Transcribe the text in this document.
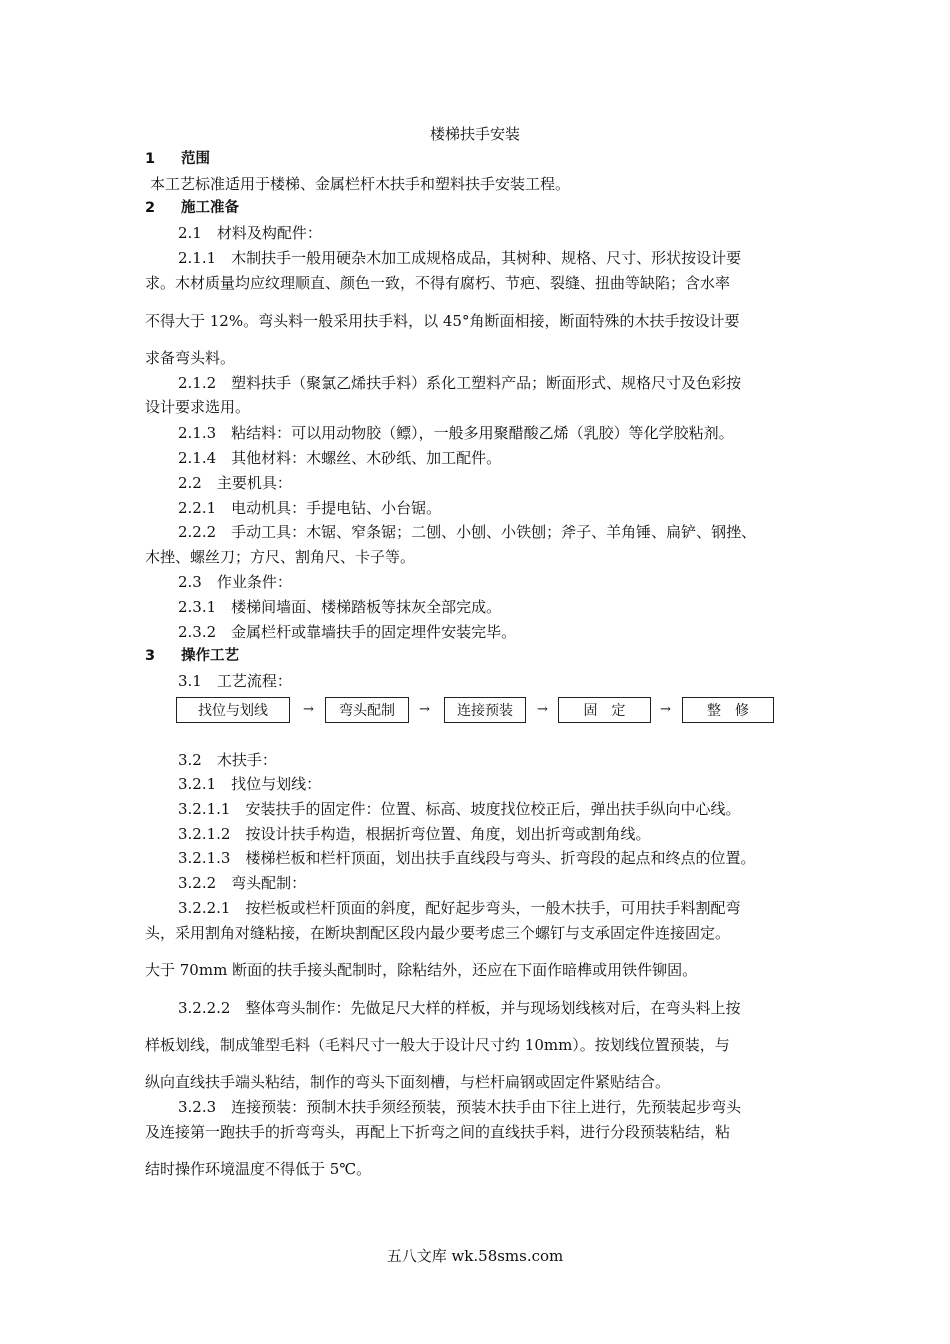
楼梯扶手安装
1 范围
本工艺标准适用于楼梯、金属栏杆木扶手和塑料扶手安装工程。
2 施工准备
2.1　材料及构配件：
2.1.1　木制扶手一般用硬杂木加工成规格成品，其树种、规格、尺寸、形状按设计要
求。木材质量均应纹理顺直、颜色一致，不得有腐朽、节疤、裂缝、扭曲等缺陷；含水率
不得大于 12%。弯头料一般采用扶手料，以 45°角断面相接，断面特殊的木扶手按设计要
求备弯头料。
2.1.2　塑料扶手（聚氯乙烯扶手料）系化工塑料产品；断面形式、规格尺寸及色彩按
设计要求选用。
2.1.3　粘结料：可以用动物胶（鳔），一般多用聚醋酸乙烯（乳胶）等化学胶粘剂。
2.1.4　其他材料：木螺丝、木砂纸、加工配件。
2.2　主要机具：
2.2.1　电动机具：手提电钻、小台锯。
2.2.2　手动工具：木锯、窄条锯；二刨、小刨、小铁刨；斧子、羊角锤、扁铲、钢挫、
木挫、螺丝刀；方尺、割角尺、卡子等。
2.3　作业条件：
2.3.1　楼梯间墙面、楼梯踏板等抹灰全部完成。
2.3.2　金属栏杆或靠墙扶手的固定埋件安装完毕。
3 操作工艺
3.1　工艺流程：
找位与划线	→	弯头配制	→	连接预装	→	固　定	→	整　修
3.2　木扶手：
3.2.1　找位与划线：
3.2.1.1　安装扶手的固定件：位置、标高、坡度找位校正后，弹出扶手纵向中心线。
3.2.1.2　按设计扶手构造，根据折弯位置、角度，划出折弯或割角线。
3.2.1.3　楼梯栏板和栏杆顶面，划出扶手直线段与弯头、折弯段的起点和终点的位置。
3.2.2　弯头配制：
3.2.2.1　按栏板或栏杆顶面的斜度，配好起步弯头，一般木扶手，可用扶手料割配弯
头，采用割角对缝粘接，在断块割配区段内最少要考虑三个螺钉与支承固定件连接固定。
大于 70mm 断面的扶手接头配制时，除粘结外，还应在下面作暗榫或用铁件铆固。
3.2.2.2　整体弯头制作：先做足尺大样的样板，并与现场划线核对后，在弯头料上按
样板划线，制成雏型毛料（毛料尺寸一般大于设计尺寸约 10mm）。按划线位置预装，与
纵向直线扶手端头粘结，制作的弯头下面刻槽，与栏杆扁钢或固定件紧贴结合。
3.2.3　连接预装：预制木扶手须经预装，预装木扶手由下往上进行，先预装起步弯头
及连接第一跑扶手的折弯弯头，再配上下折弯之间的直线扶手料，进行分段预装粘结，粘
结时操作环境温度不得低于 5℃。
五八文库 wk.58sms.com
